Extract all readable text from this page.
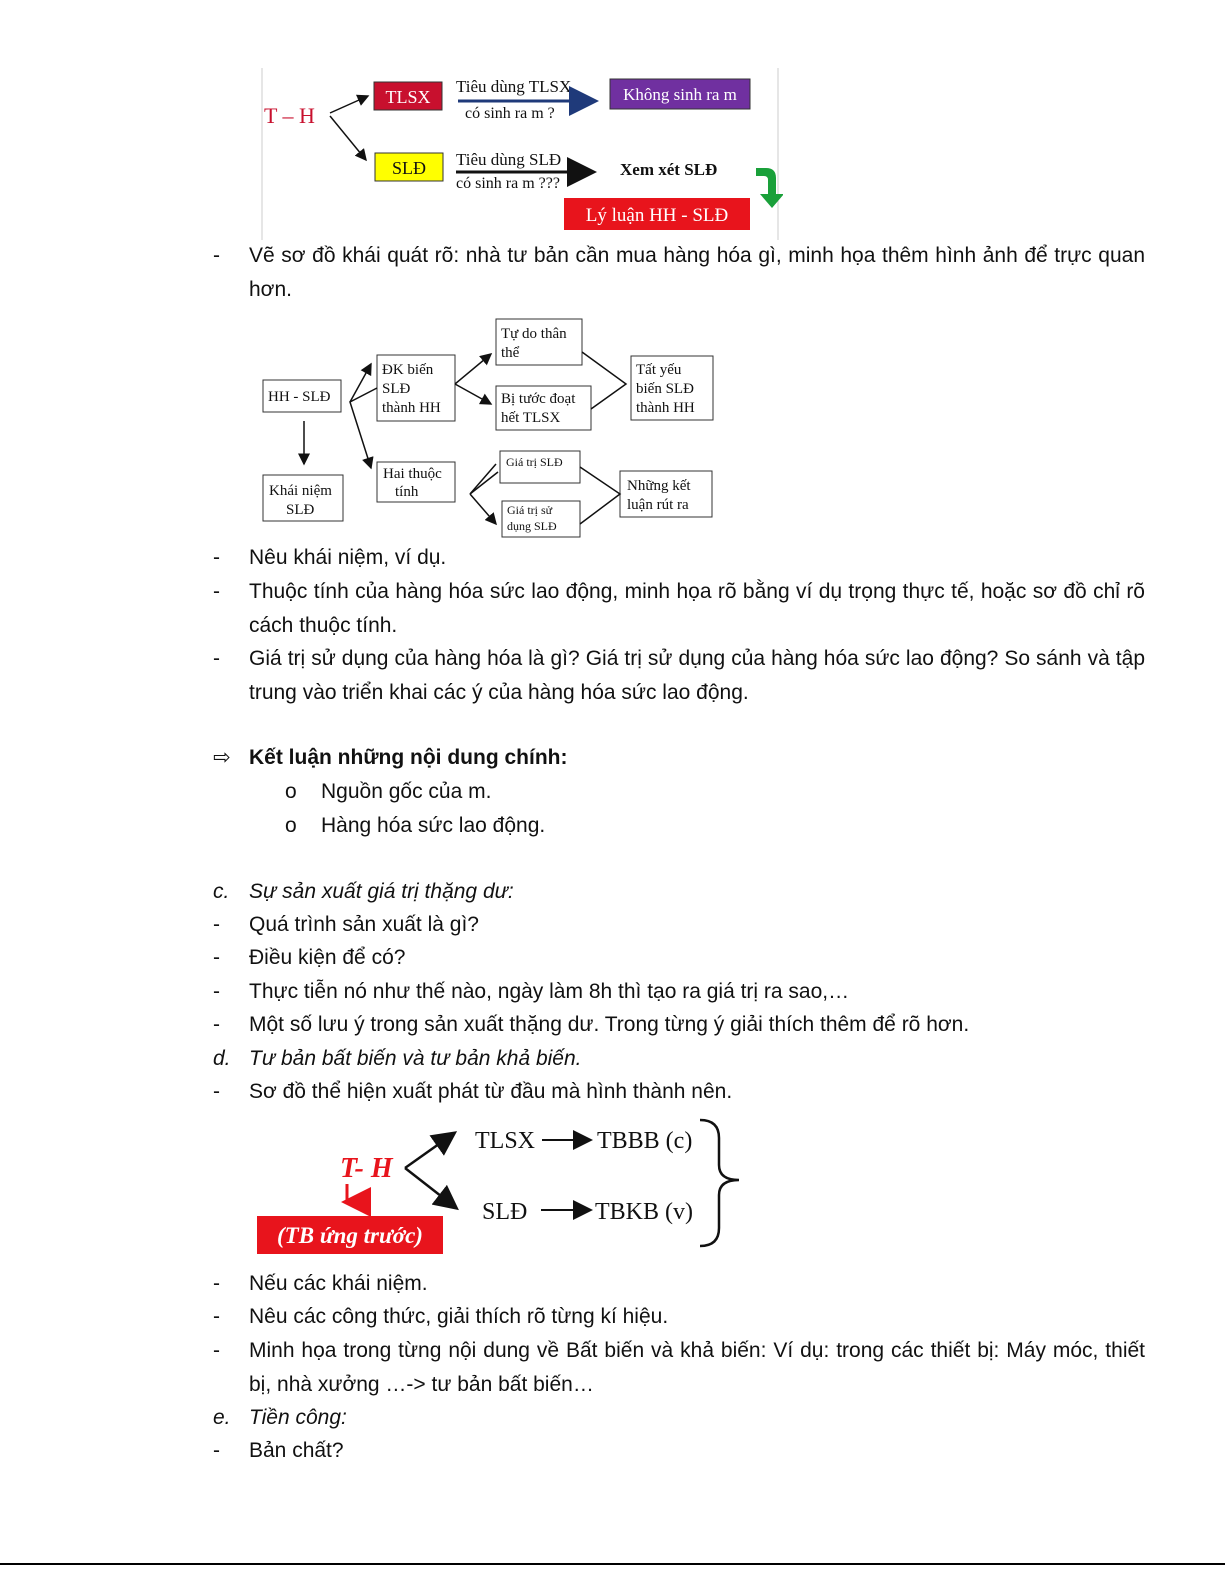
T – H
TLSX
SLĐ
Tiêu dùng TLSX
có sinh ra m ?
Không sinh ra m
Tiêu dùng SLĐ
có sinh ra m ???
Xem xét SLĐ
Lý luận HH - SLĐ
-	Vẽ sơ đồ khái quát rõ: nhà tư bản cần mua hàng hóa gì, minh họa thêm hình ảnh để trực quan hơn.
HH - SLĐ
Khái niệm
SLĐ
ĐK biến
SLĐ
thành HH
Hai thuộc
tính
Tự do thân
thể
Bị tước đoạt
hết TLSX
Tất yếu
biến SLĐ
thành HH
Giá trị SLĐ
Giá trị sử
dụng SLĐ
Những kết
luận rút ra
-	Nêu khái niệm, ví dụ.
-	Thuộc tính của hàng hóa sức lao động, minh họa rõ bằng ví dụ trọng thực tế, hoặc sơ đồ chỉ rõ cách thuộc tính.
-	Giá trị sử dụng của hàng hóa là gì? Giá trị sử dụng của hàng hóa sức lao động? So sánh và tập trung vào triển khai các ý của hàng hóa sức lao động.
⇨ Kết luận những nội dung chính:
o	Nguồn gốc của m.
o	Hàng hóa sức lao động.
c. Sự sản xuất giá trị thặng dư:
-	Quá trình sản xuất là gì?
-	Điều kiện để có?
-	Thực tiễn nó như thế nào, ngày làm 8h thì tạo ra giá trị ra sao,…
-	Một số lưu ý trong sản xuất thặng dư. Trong từng ý giải thích thêm để rõ hơn.
d. Tư bản bất biến và tư bản khả biến.
-	Sơ đồ thể hiện xuất phát từ đầu mà hình thành nên.
T- H
(TB ứng trước)
TLSX	TBBB (c)
SLĐ	TBKB (v)
-	Nếu các khái niệm.
-	Nêu các công thức, giải thích rõ từng kí hiệu.
-	Minh họa trong từng nội dung về Bất biến và khả biến: Ví dụ: trong các thiết bị: Máy móc, thiết bị, nhà xưởng …-> tư bản bất biến…
e. Tiền công:
-	Bản chất?
